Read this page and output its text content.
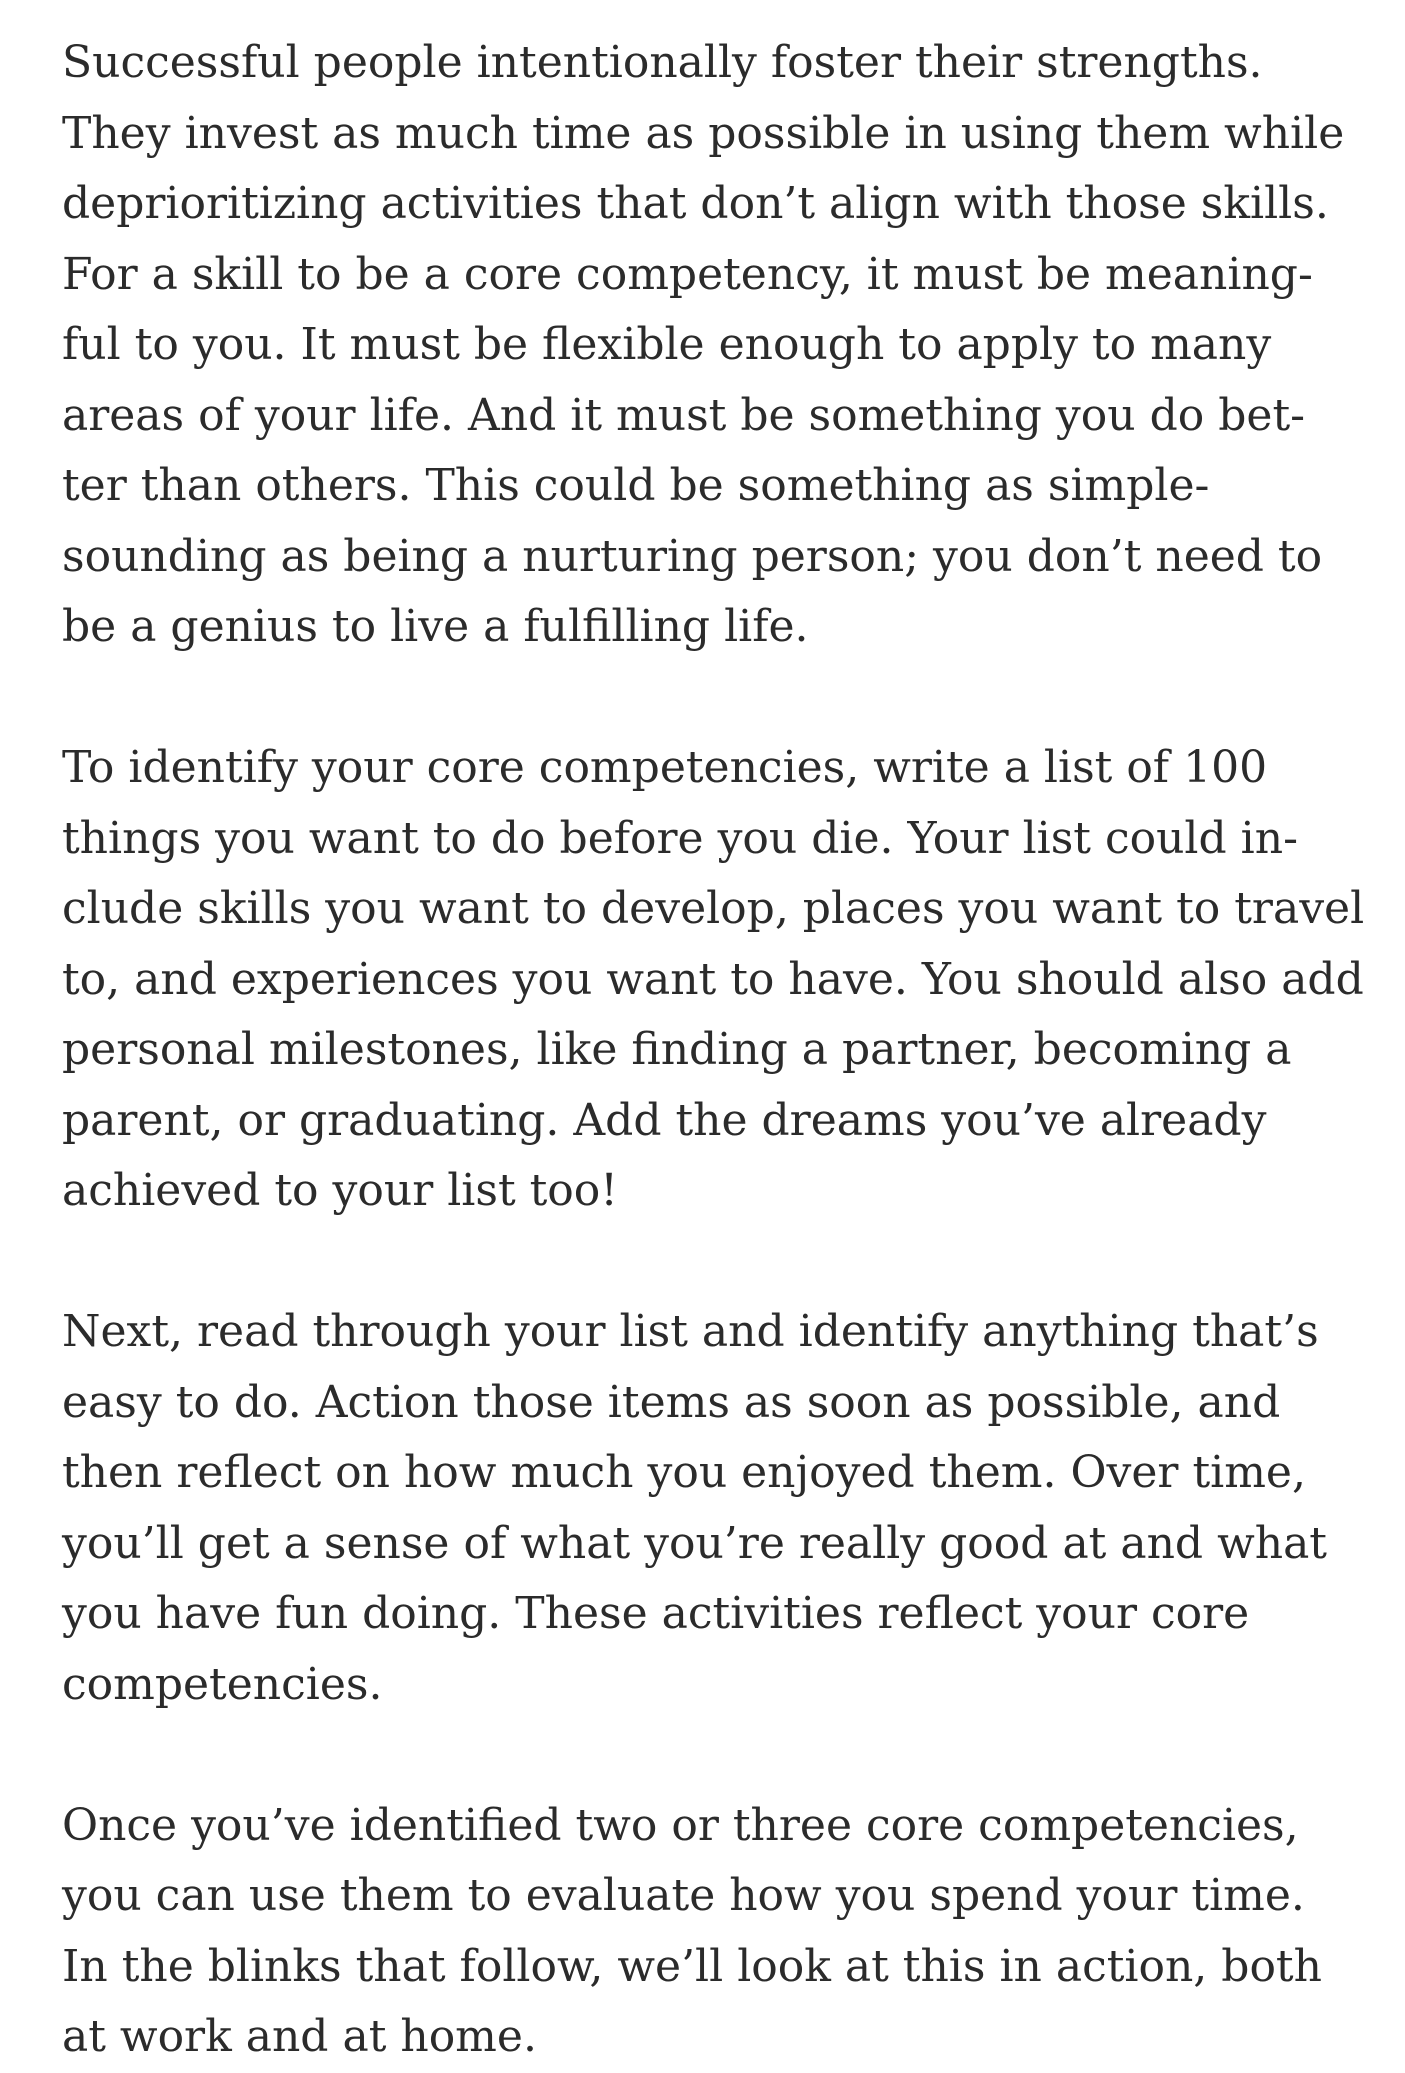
Successful people intentionally foster their strengths.
They invest as much time as possible in using them while
deprioritizing activities that don’t align with those skills.
For a skill to be a core competency, it must be meaning-
ful to you. It must be flexible enough to apply to many
areas of your life. And it must be something you do bet-
ter than others. This could be something as simple-
sounding as being a nurturing person; you don’t need to
be a genius to live a fulfilling life.
To identify your core competencies, write a list of 100
things you want to do before you die. Your list could in-
clude skills you want to develop, places you want to travel
to, and experiences you want to have. You should also add
personal milestones, like finding a partner, becoming a
parent, or graduating. Add the dreams you’ve already
achieved to your list too!
Next, read through your list and identify anything that’s
easy to do. Action those items as soon as possible, and
then reflect on how much you enjoyed them. Over time,
you’ll get a sense of what you’re really good at and what
you have fun doing. These activities reflect your core
competencies.
Once you’ve identified two or three core competencies,
you can use them to evaluate how you spend your time.
In the blinks that follow, we’ll look at this in action, both
at work and at home.
